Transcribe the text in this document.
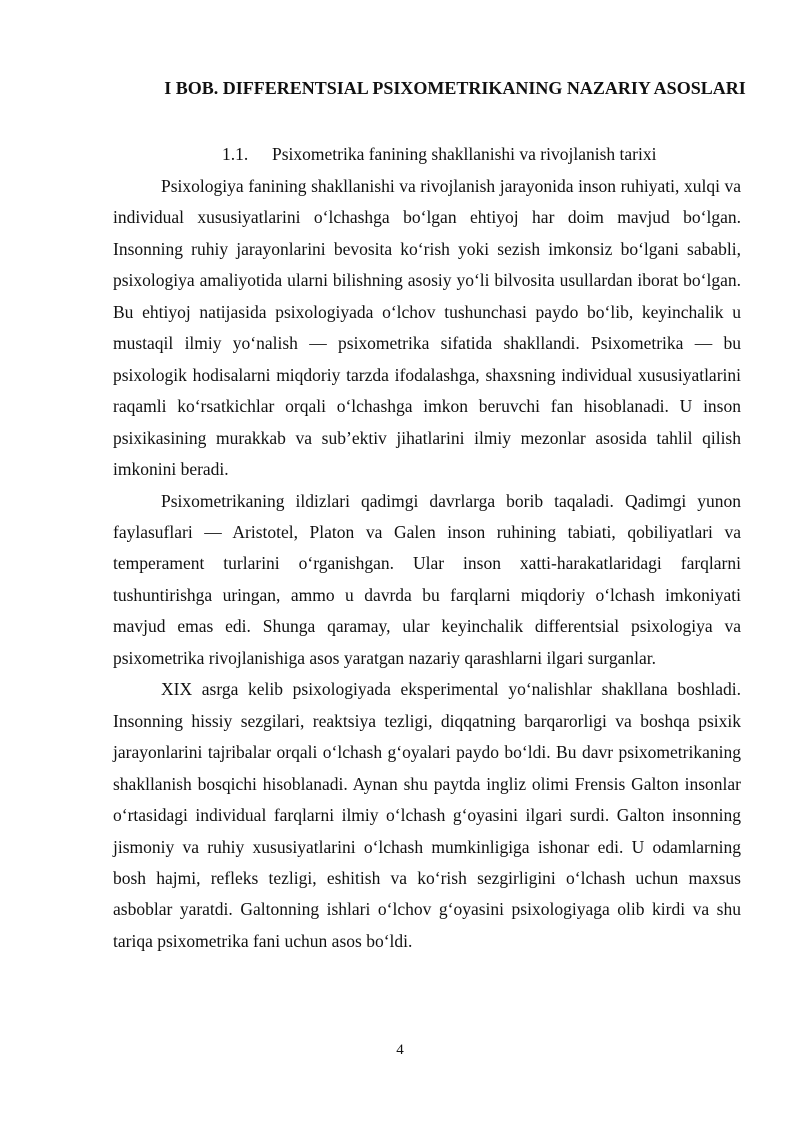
I BOB. DIFFERENTSIAL PSIXOMETRIKANING NAZARIY ASOSLARI
1.1. Psixometrika fanining shakllanishi va rivojlanish tarixi

Psixologiya fanining shakllanishi va rivojlanish jarayonida inson ruhiyati, xulqi va individual xususiyatlarini o‘lchashga bo‘lgan ehtiyoj har doim mavjud bo‘lgan. Insonning ruhiy jarayonlarini bevosita ko‘rish yoki sezish imkonsiz bo‘lgani sababli, psixologiya amaliyotida ularni bilishning asosiy yo‘li bilvosita usullardan iborat bo‘lgan. Bu ehtiyoj natijasida psixologiyada o‘lchov tushunchasi paydo bo‘lib, keyinchalik u mustaqil ilmiy yo‘nalish — psixometrika sifatida shakllandi. Psixometrika — bu psixologik hodisalarni miqdoriy tarzda ifodalashga, shaxsning individual xususiyatlarini raqamli ko‘rsatkichlar orqali o‘lchashga imkon beruvchi fan hisoblanadi. U inson psixikasining murakkab va sub’ektiv jihatlarini ilmiy mezonlar asosida tahlil qilish imkonini beradi.

Psixometrikaning ildizlari qadimgi davrlarga borib taqaladi. Qadimgi yunon faylasuflari — Aristotel, Platon va Galen inson ruhining tabiati, qobiliyatlari va temperament turlarini o‘rganishgan. Ular inson xatti-harakatlaridagi farqlarni tushuntirishga uringan, ammo u davrda bu farqlarni miqdoriy o‘lchash imkoniyati mavjud emas edi. Shunga qaramay, ular keyinchalik differentsial psixologiya va psixometrika rivojlanishiga asos yaratgan nazariy qarashlarni ilgari surganlar.

XIX asrga kelib psixologiyada eksperimental yo‘nalishlar shakllana boshladi. Insonning hissiy sezgilari, reaktsiya tezligi, diqqatning barqarorligi va boshqa psixik jarayonlarini tajribalar orqali o‘lchash g‘oyalari paydo bo‘ldi. Bu davr psixometrikaning shakllanish bosqichi hisoblanadi. Aynan shu paytda ingliz olimi Frensis Galton insonlar o‘rtasidagi individual farqlarni ilmiy o‘lchash g‘oyasini ilgari surdi. Galton insonning jismoniy va ruhiy xususiyatlarini o‘lchash mumkinligiga ishonar edi. U odamlarning bosh hajmi, refleks tezligi, eshitish va ko‘rish sezgirligini o‘lchash uchun maxsus asboblar yaratdi. Galtonning ishlari o‘lchov g‘oyasini psixologiyaga olib kirdi va shu tariqa psixometrika fani uchun asos bo‘ldi.

4
